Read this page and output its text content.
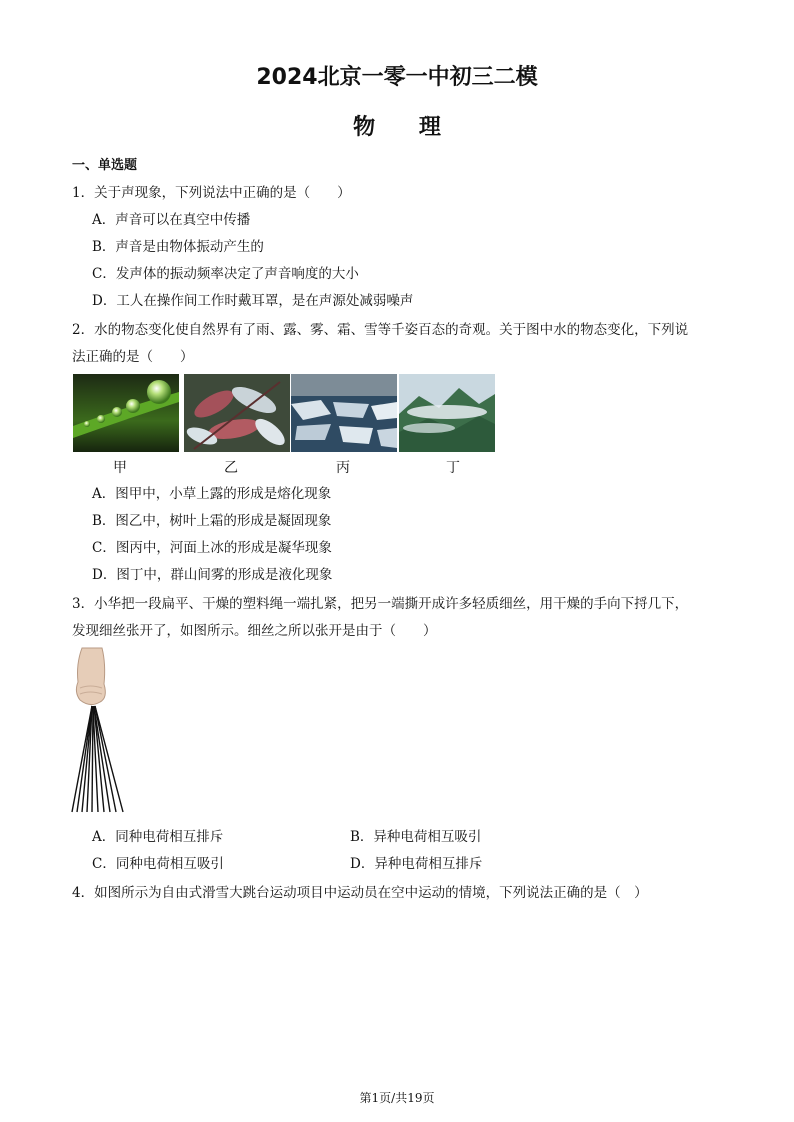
2024北京一零一中初三二模
物 理
一、单选题
1．关于声现象，下列说法中正确的是（　　）
A．声音可以在真空中传播
B．声音是由物体振动产生的
C．发声体的振动频率决定了声音响度的大小
D．工人在操作间工作时戴耳罩，是在声源处减弱噪声
2．水的物态变化使自然界有了雨、露、雾、霜、雪等千姿百态的奇观。关于图中水的物态变化，下列说
法正确的是（　　）
甲	乙	丙	丁
A．图甲中，小草上露的形成是熔化现象
B．图乙中，树叶上霜的形成是凝固现象
C．图丙中，河面上冰的形成是凝华现象
D．图丁中，群山间雾的形成是液化现象
3．小华把一段扁平、干燥的塑料绳一端扎紧，把另一端撕开成许多轻质细丝，用干燥的手向下捋几下，
发现细丝张开了，如图所示。细丝之所以张开是由于（　　）
A．同种电荷相互排斥	B．异种电荷相互吸引
C．同种电荷相互吸引	D．异种电荷相互排斥
4．如图所示为自由式滑雪大跳台运动项目中运动员在空中运动的情境，下列说法正确的是（　）
第1页/共19页
